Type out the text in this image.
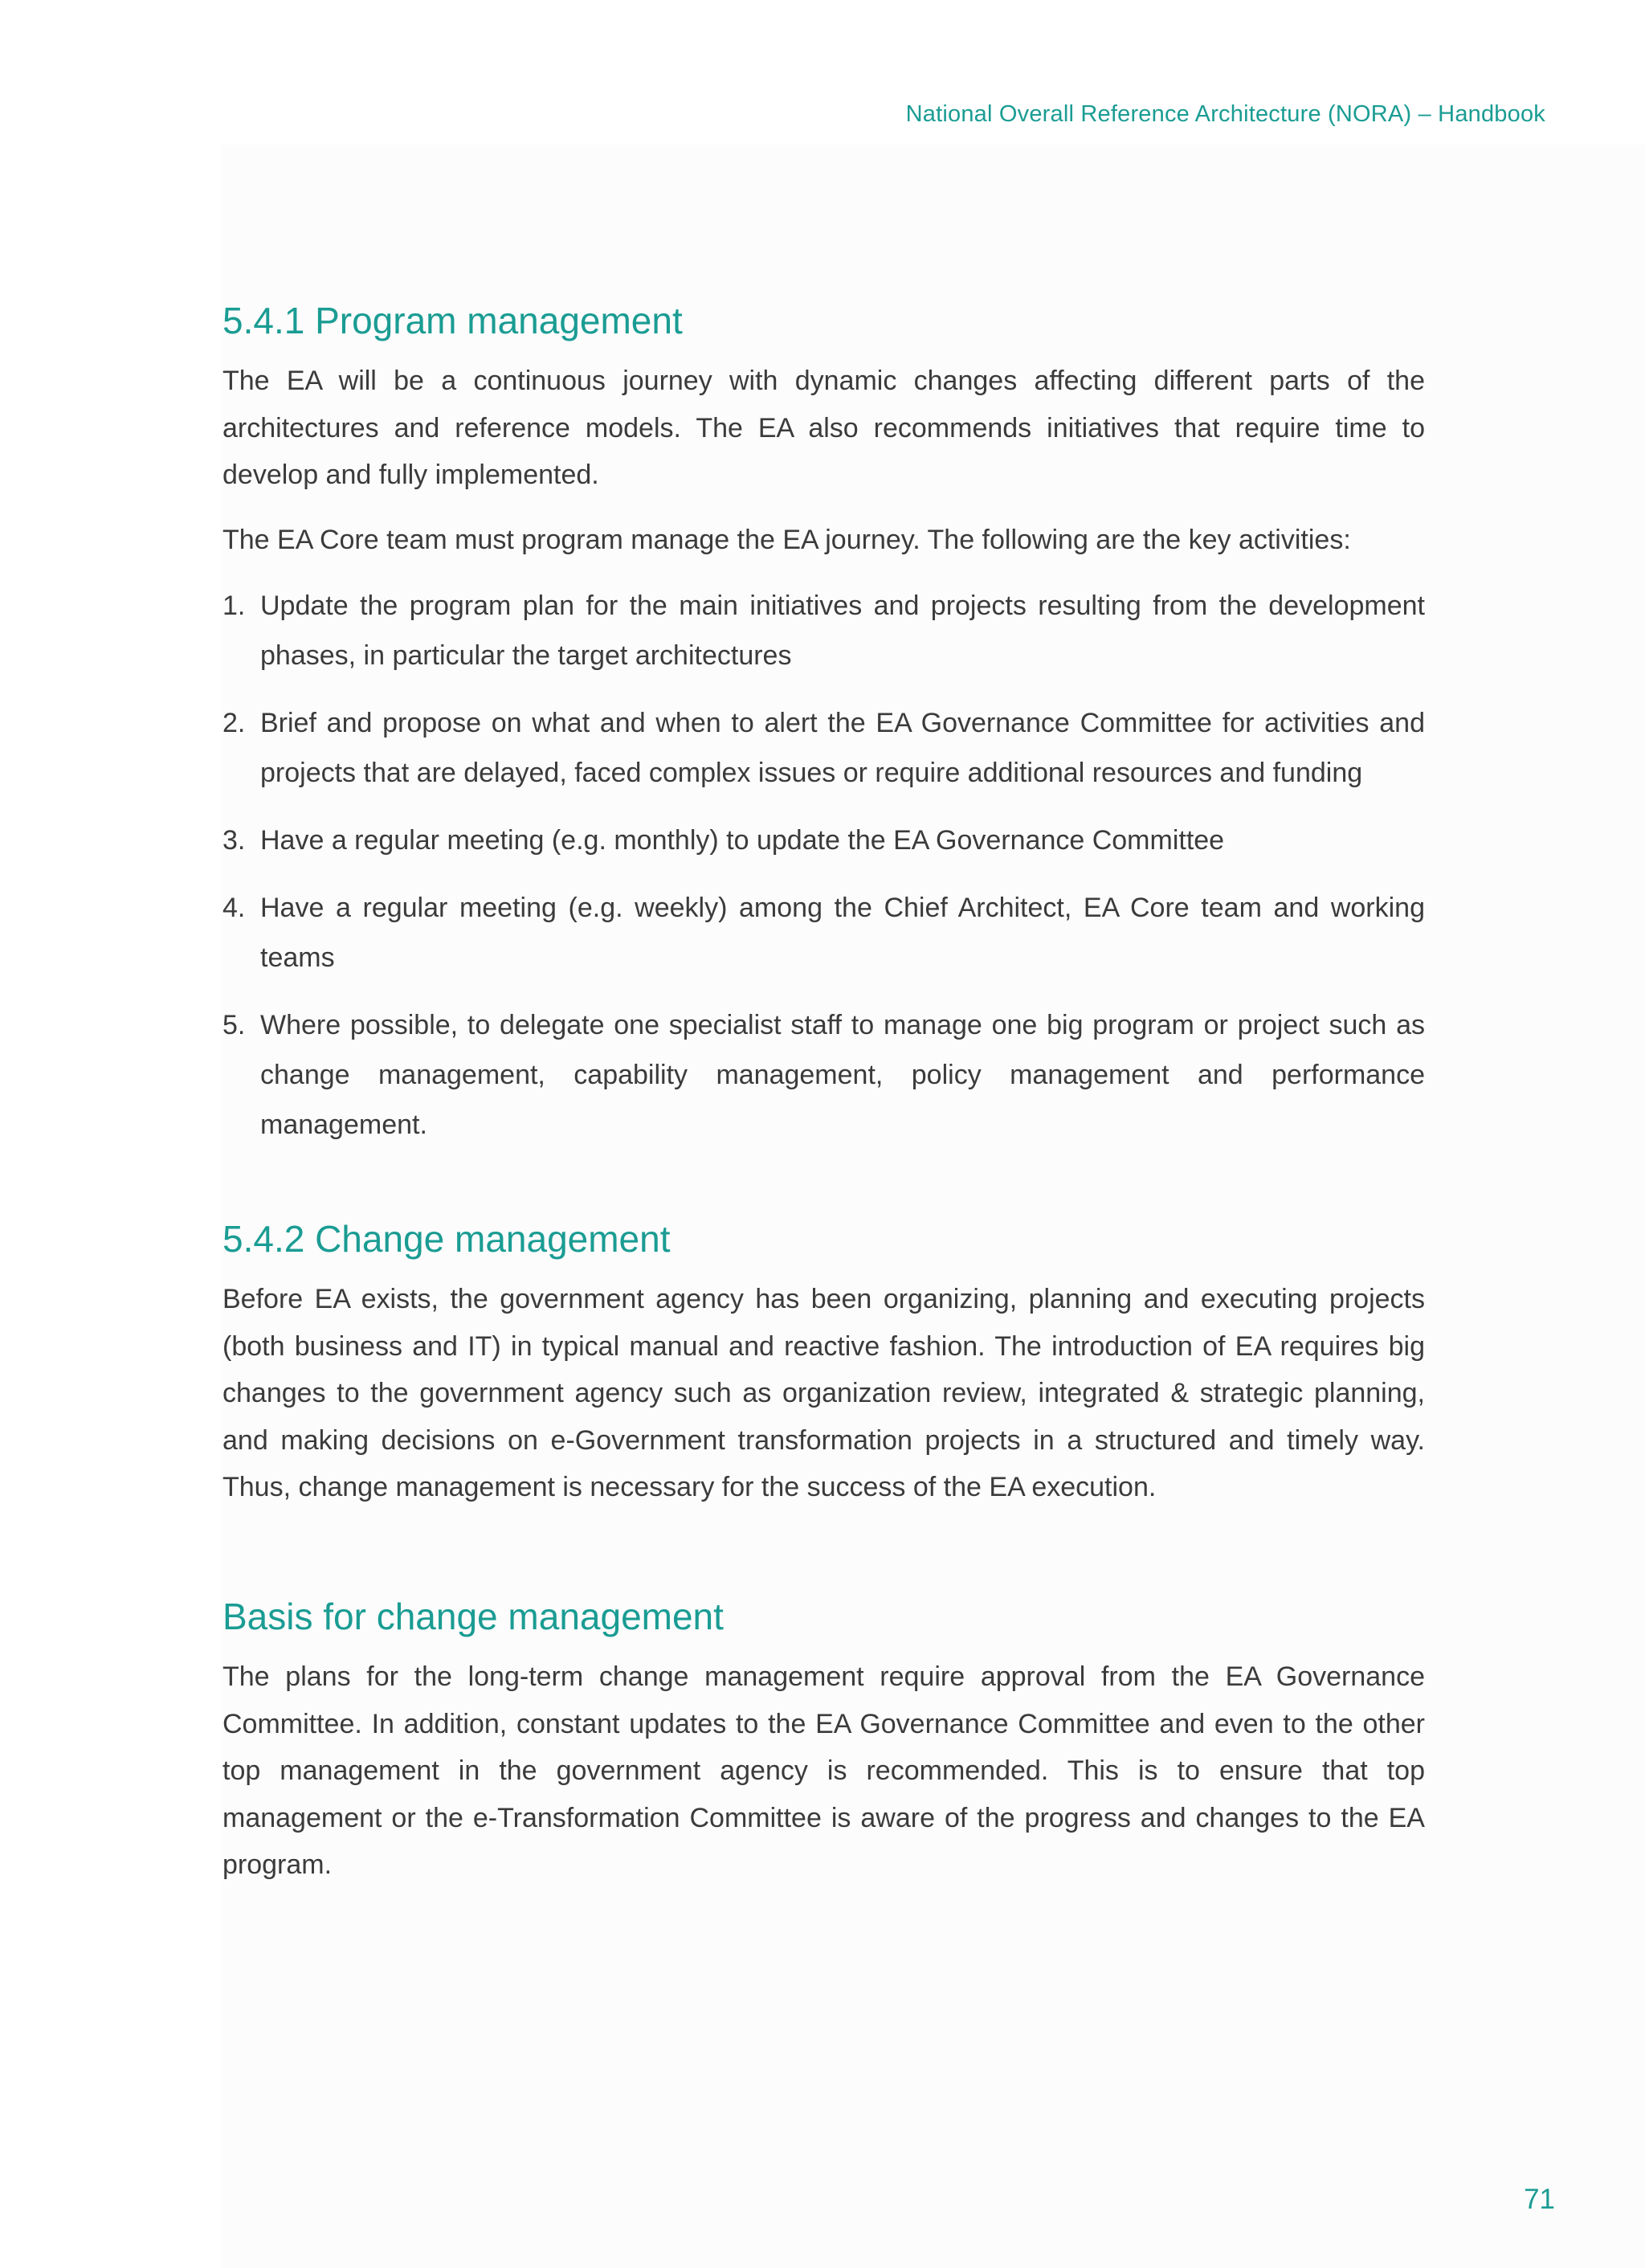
National Overall Reference Architecture (NORA) – Handbook
5.4.1 Program management

The EA will be a continuous journey with dynamic changes affecting different parts of the architectures and reference models. The EA also recommends initiatives that require time to develop and fully implemented.

The EA Core team must program manage the EA journey. The following are the key activities:

1. Update the program plan for the main initiatives and projects resulting from the development phases, in particular the target architectures
2. Brief and propose on what and when to alert the EA Governance Committee for activities and projects that are delayed, faced complex issues or require additional resources and funding
3. Have a regular meeting (e.g. monthly) to update the EA Governance Committee
4. Have a regular meeting (e.g. weekly) among the Chief Architect, EA Core team and working teams
5. Where possible, to delegate one specialist staff to manage one big program or project such as change management, capability management, policy management and performance management.
5.4.2 Change management

Before EA exists, the government agency has been organizing, planning and executing projects (both business and IT) in typical manual and reactive fashion. The introduction of EA requires big changes to the government agency such as organization review, integrated & strategic planning, and making decisions on e-Government transformation projects in a structured and timely way. Thus, change management is necessary for the success of the EA execution.

Basis for change management

The plans for the long-term change management require approval from the EA Governance Committee. In addition, constant updates to the EA Governance Committee and even to the other top management in the government agency is recommended. This is to ensure that top management or the e-Transformation Committee is aware of the progress and changes to the EA program.

71
